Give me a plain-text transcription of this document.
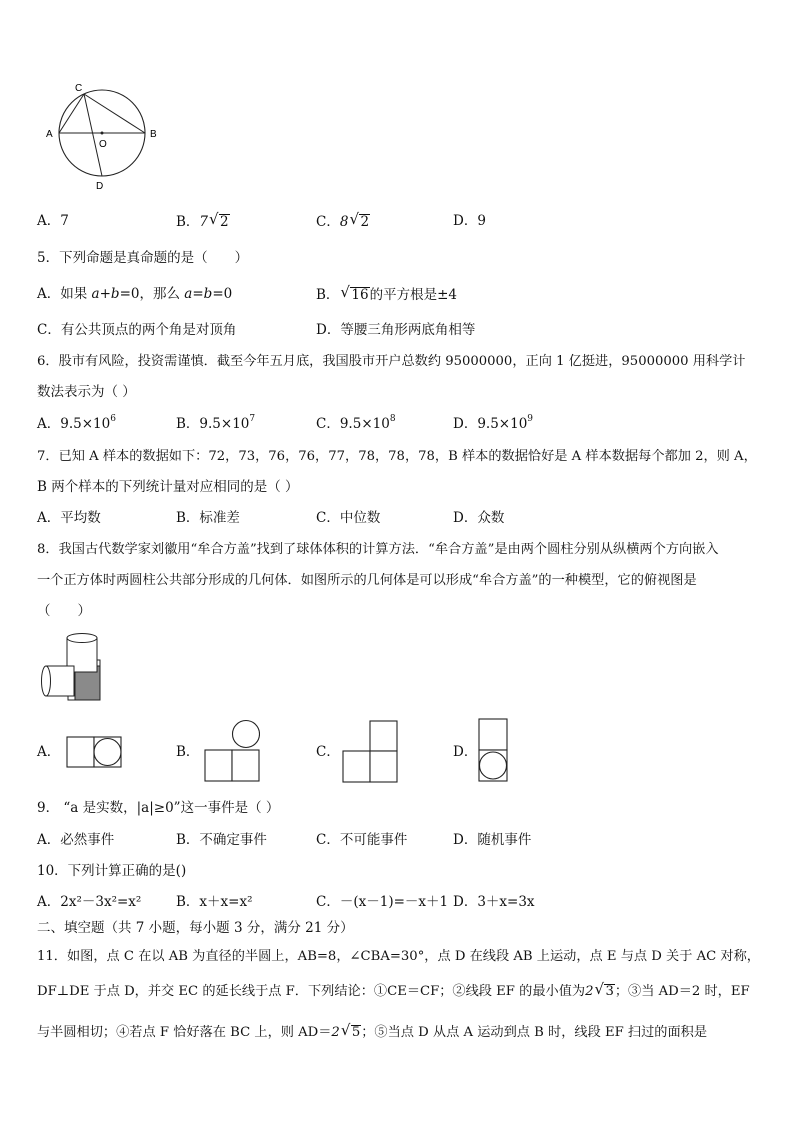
C
A
O
B
D
A．7	B．7 √ 2	C．8 √ 2	D．9
5．下列命题是真命题的是（　　）
A．如果 a+b=0，那么 a=b=0	B． √ 16的平方根是±4
C．有公共顶点的两个角是对顶角	D．等腰三角形两底角相等
6．股市有风险，投资需谨慎．截至今年五月底，我国股市开户总数约 95000000，正向 1 亿挺进，95000000 用科学计
数法表示为（ ）
A．$9.5\times 10^6$	B．$9.5\times 10^7$	C．$9.5\times 10^8$	D．$9.5\times 10^9$
7．已知 A 样本的数据如下：72，73，76，76，77，78，78，78，B 样本的数据恰好是 A 样本数据每个都加 2，则 A，
B 两个样本的下列统计量对应相同的是（ ）
A．平均数	B．标准差	C．中位数	D．众数
8．我国古代数学家刘徽用“牟合方盖”找到了球体体积的计算方法．“牟合方盖”是由两个圆柱分别从纵横两个方向嵌入
一个正方体时两圆柱公共部分形成的几何体．如图所示的几何体是可以形成“牟合方盖”的一种模型，它的俯视图是
（　　）
A．	B．	C．	D．
9． “a 是实数，|a|≥0”这一事件是（ ）
A．必然事件	B．不确定事件	C．不可能事件	D．随机事件
10．下列计算正确的是()
A．2x²－3x²=x²	B．x＋x=x²	C．－(x－1)=－x＋1 D．3＋x=3x
二、填空题（共 7 小题，每小题 3 分，满分 21 分）
11．如图，点 C 在以 AB 为直径的半圆上，AB=8，∠CBA=30°，点 D 在线段 AB 上运动，点 E 与点 D 关于 AC 对称，
DF⊥DE 于点 D，并交 EC 的延长线于点 F．下列结论：①CE＝CF；②线段 EF 的最小值为2 √ 3；③当 AD＝2 时，EF
与半圆相切；④若点 F 恰好落在 BC 上，则 AD＝2 √ 5；⑤当点 D 从点 A 运动到点 B 时，线段 EF 扫过的面积是
